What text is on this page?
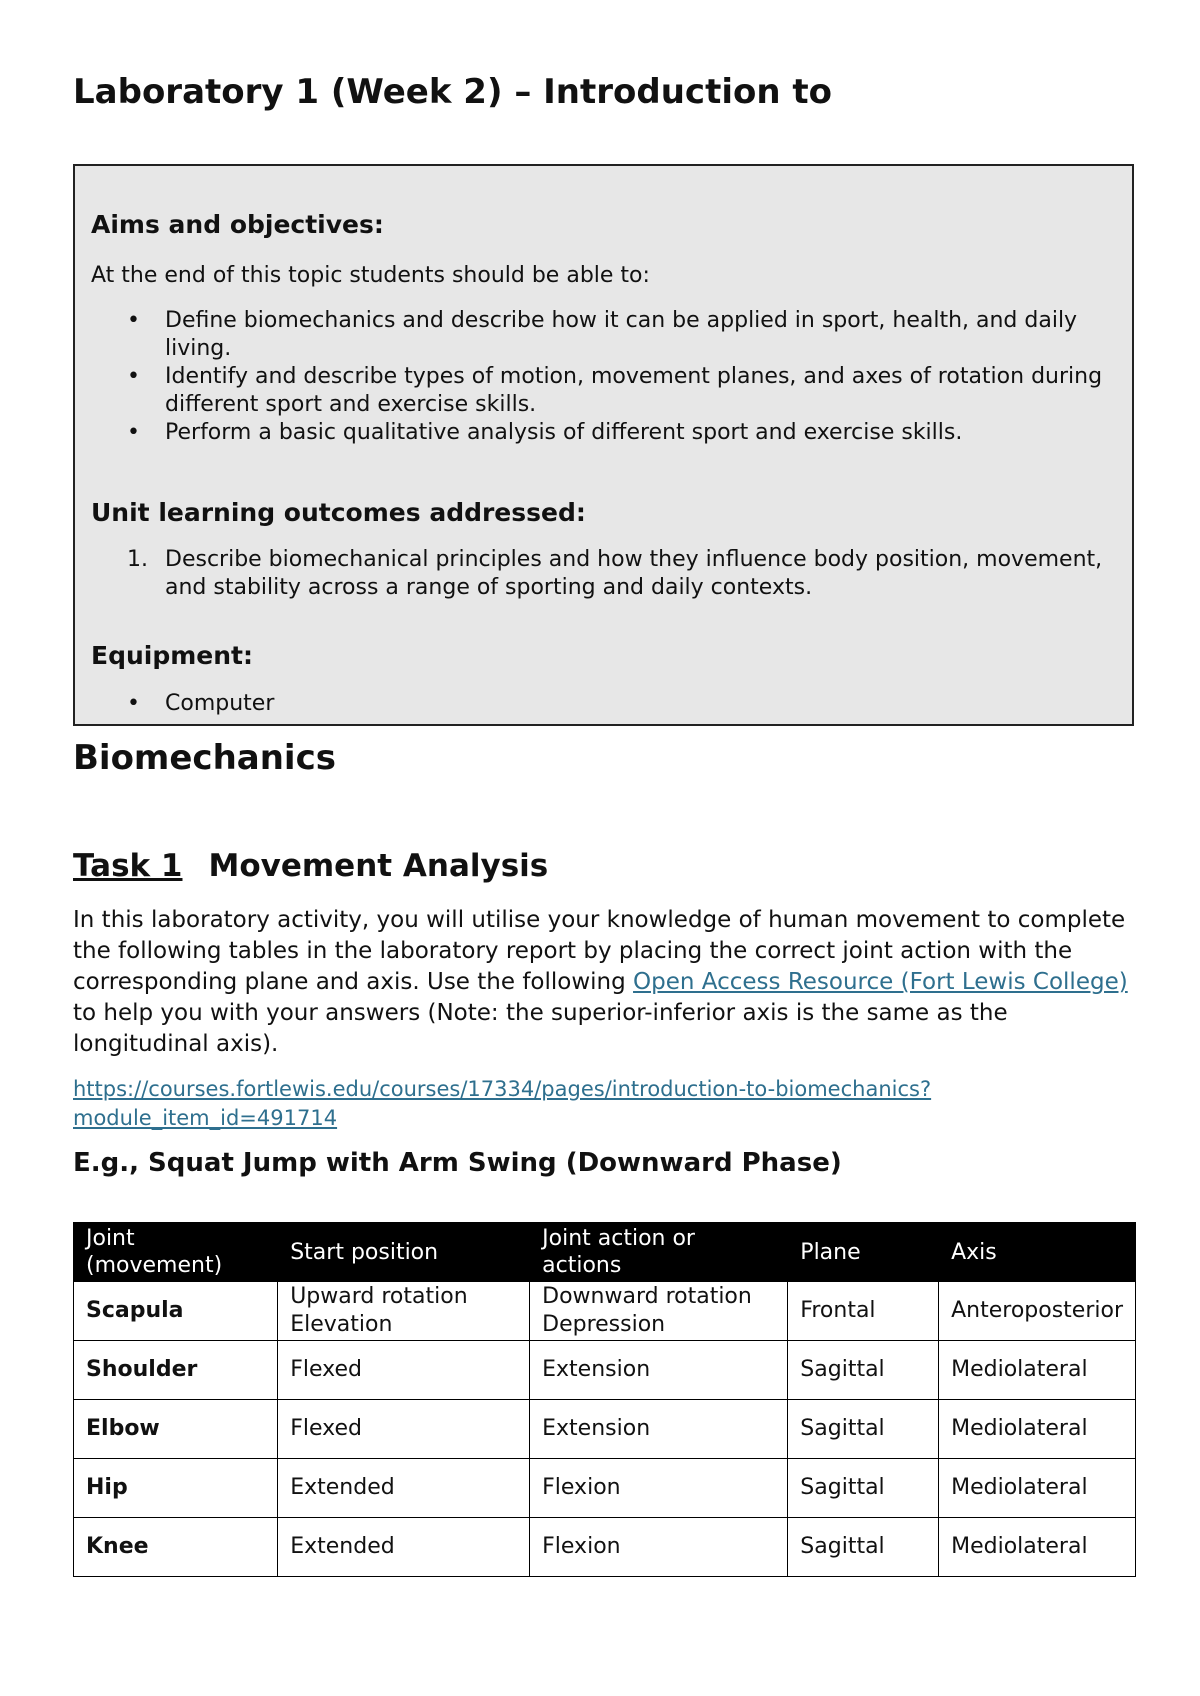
Laboratory 1 (Week 2) – Introduction to
Aims and objectives:

At the end of this topic students should be able to:

• Define biomechanics and describe how it can be applied in sport, health, and daily living.
• Identify and describe types of motion, movement planes, and axes of rotation during different sport and exercise skills.
• Perform a basic qualitative analysis of different sport and exercise skills.
Unit learning outcomes addressed:
1. Describe biomechanical principles and how they influence body position, movement, and stability across a range of sporting and daily contexts.
Equipment:
• Computer
Biomechanics
Task 1 Movement Analysis

In this laboratory activity, you will utilise your knowledge of human movement to complete the following tables in the laboratory report by placing the correct joint action with the corresponding plane and axis. Use the following Open Access Resource (Fort Lewis College) to help you with your answers (Note: the superior-inferior axis is the same as the longitudinal axis).

https://courses.fortlewis.edu/courses/17334/pages/introduction-to-biomechanics?
module_item_id=491714

E.g., Squat Jump with Arm Swing (Downward Phase)
Joint (movement)	Start position	Joint action or actions	Plane	Axis
Scapula	Upward rotation Elevation	Downward rotation Depression	Frontal	Anteroposterior
Shoulder	Flexed	Extension	Sagittal	Mediolateral
Elbow	Flexed	Extension	Sagittal	Mediolateral
Hip	Extended	Flexion	Sagittal	Mediolateral
Knee	Extended	Flexion	Sagittal	Mediolateral
